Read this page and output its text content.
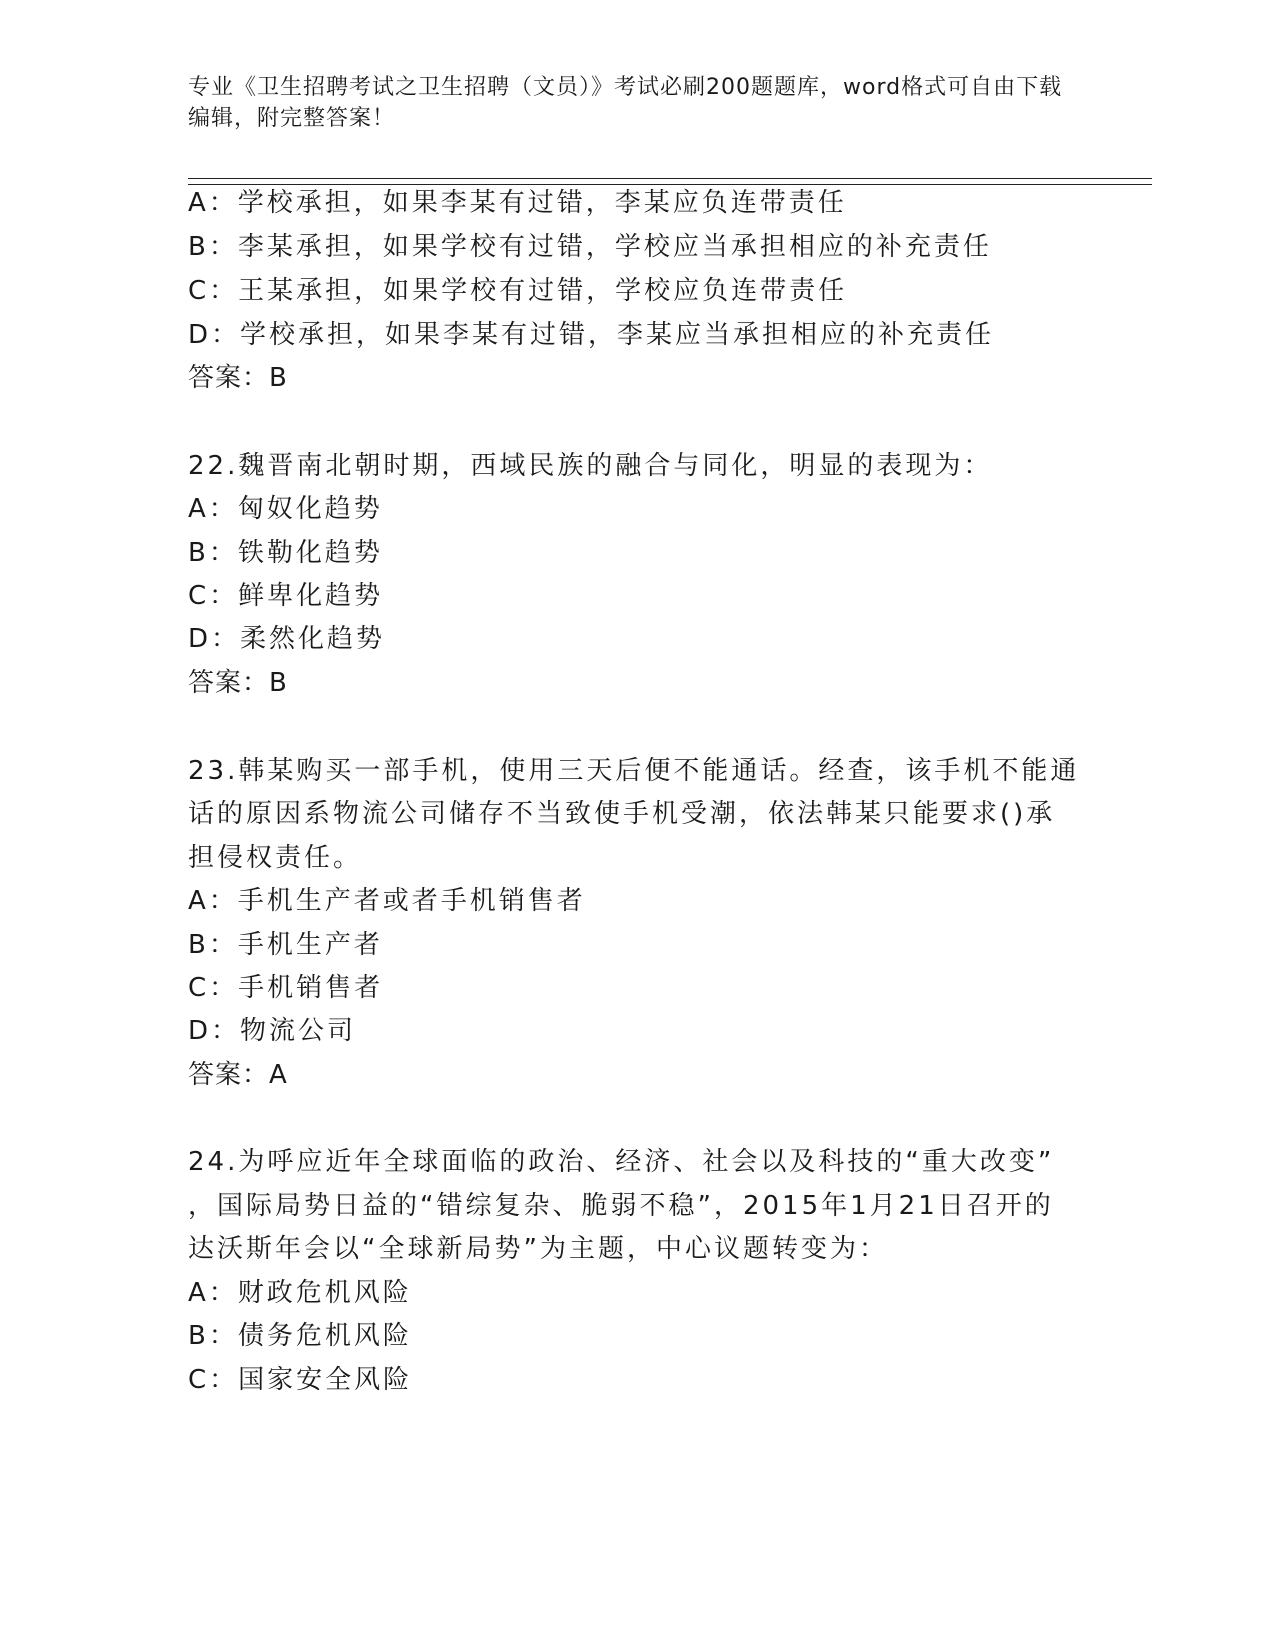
专业《卫生招聘考试之卫生招聘（文员）》考试必刷200题题库，word格式可自由下载编辑，附完整答案！

A：学校承担，如果李某有过错，李某应负连带责任

B：李某承担，如果学校有过错，学校应当承担相应的补充责任

C：王某承担，如果学校有过错，学校应负连带责任

D：学校承担，如果李某有过错，李某应当承担相应的补充责任

答案：B

22.魏晋南北朝时期，西域民族的融合与同化，明显的表现为：

A：匈奴化趋势

B：铁勒化趋势

C：鲜卑化趋势

D：柔然化趋势

答案：B

23.韩某购买一部手机，使用三天后便不能通话。经查，该手机不能通

话的原因系物流公司储存不当致使手机受潮，依法韩某只能要求()承

担侵权责任。

A：手机生产者或者手机销售者

B：手机生产者

C：手机销售者

D：物流公司

答案：A

24.为呼应近年全球面临的政治、经济、社会以及科技的“重大改变”

，国际局势日益的“错综复杂、脆弱不稳”，2015年1月21日召开的

达沃斯年会以“全球新局势”为主题，中心议题转变为：

A：财政危机风险

B：债务危机风险

C：国家安全风险
